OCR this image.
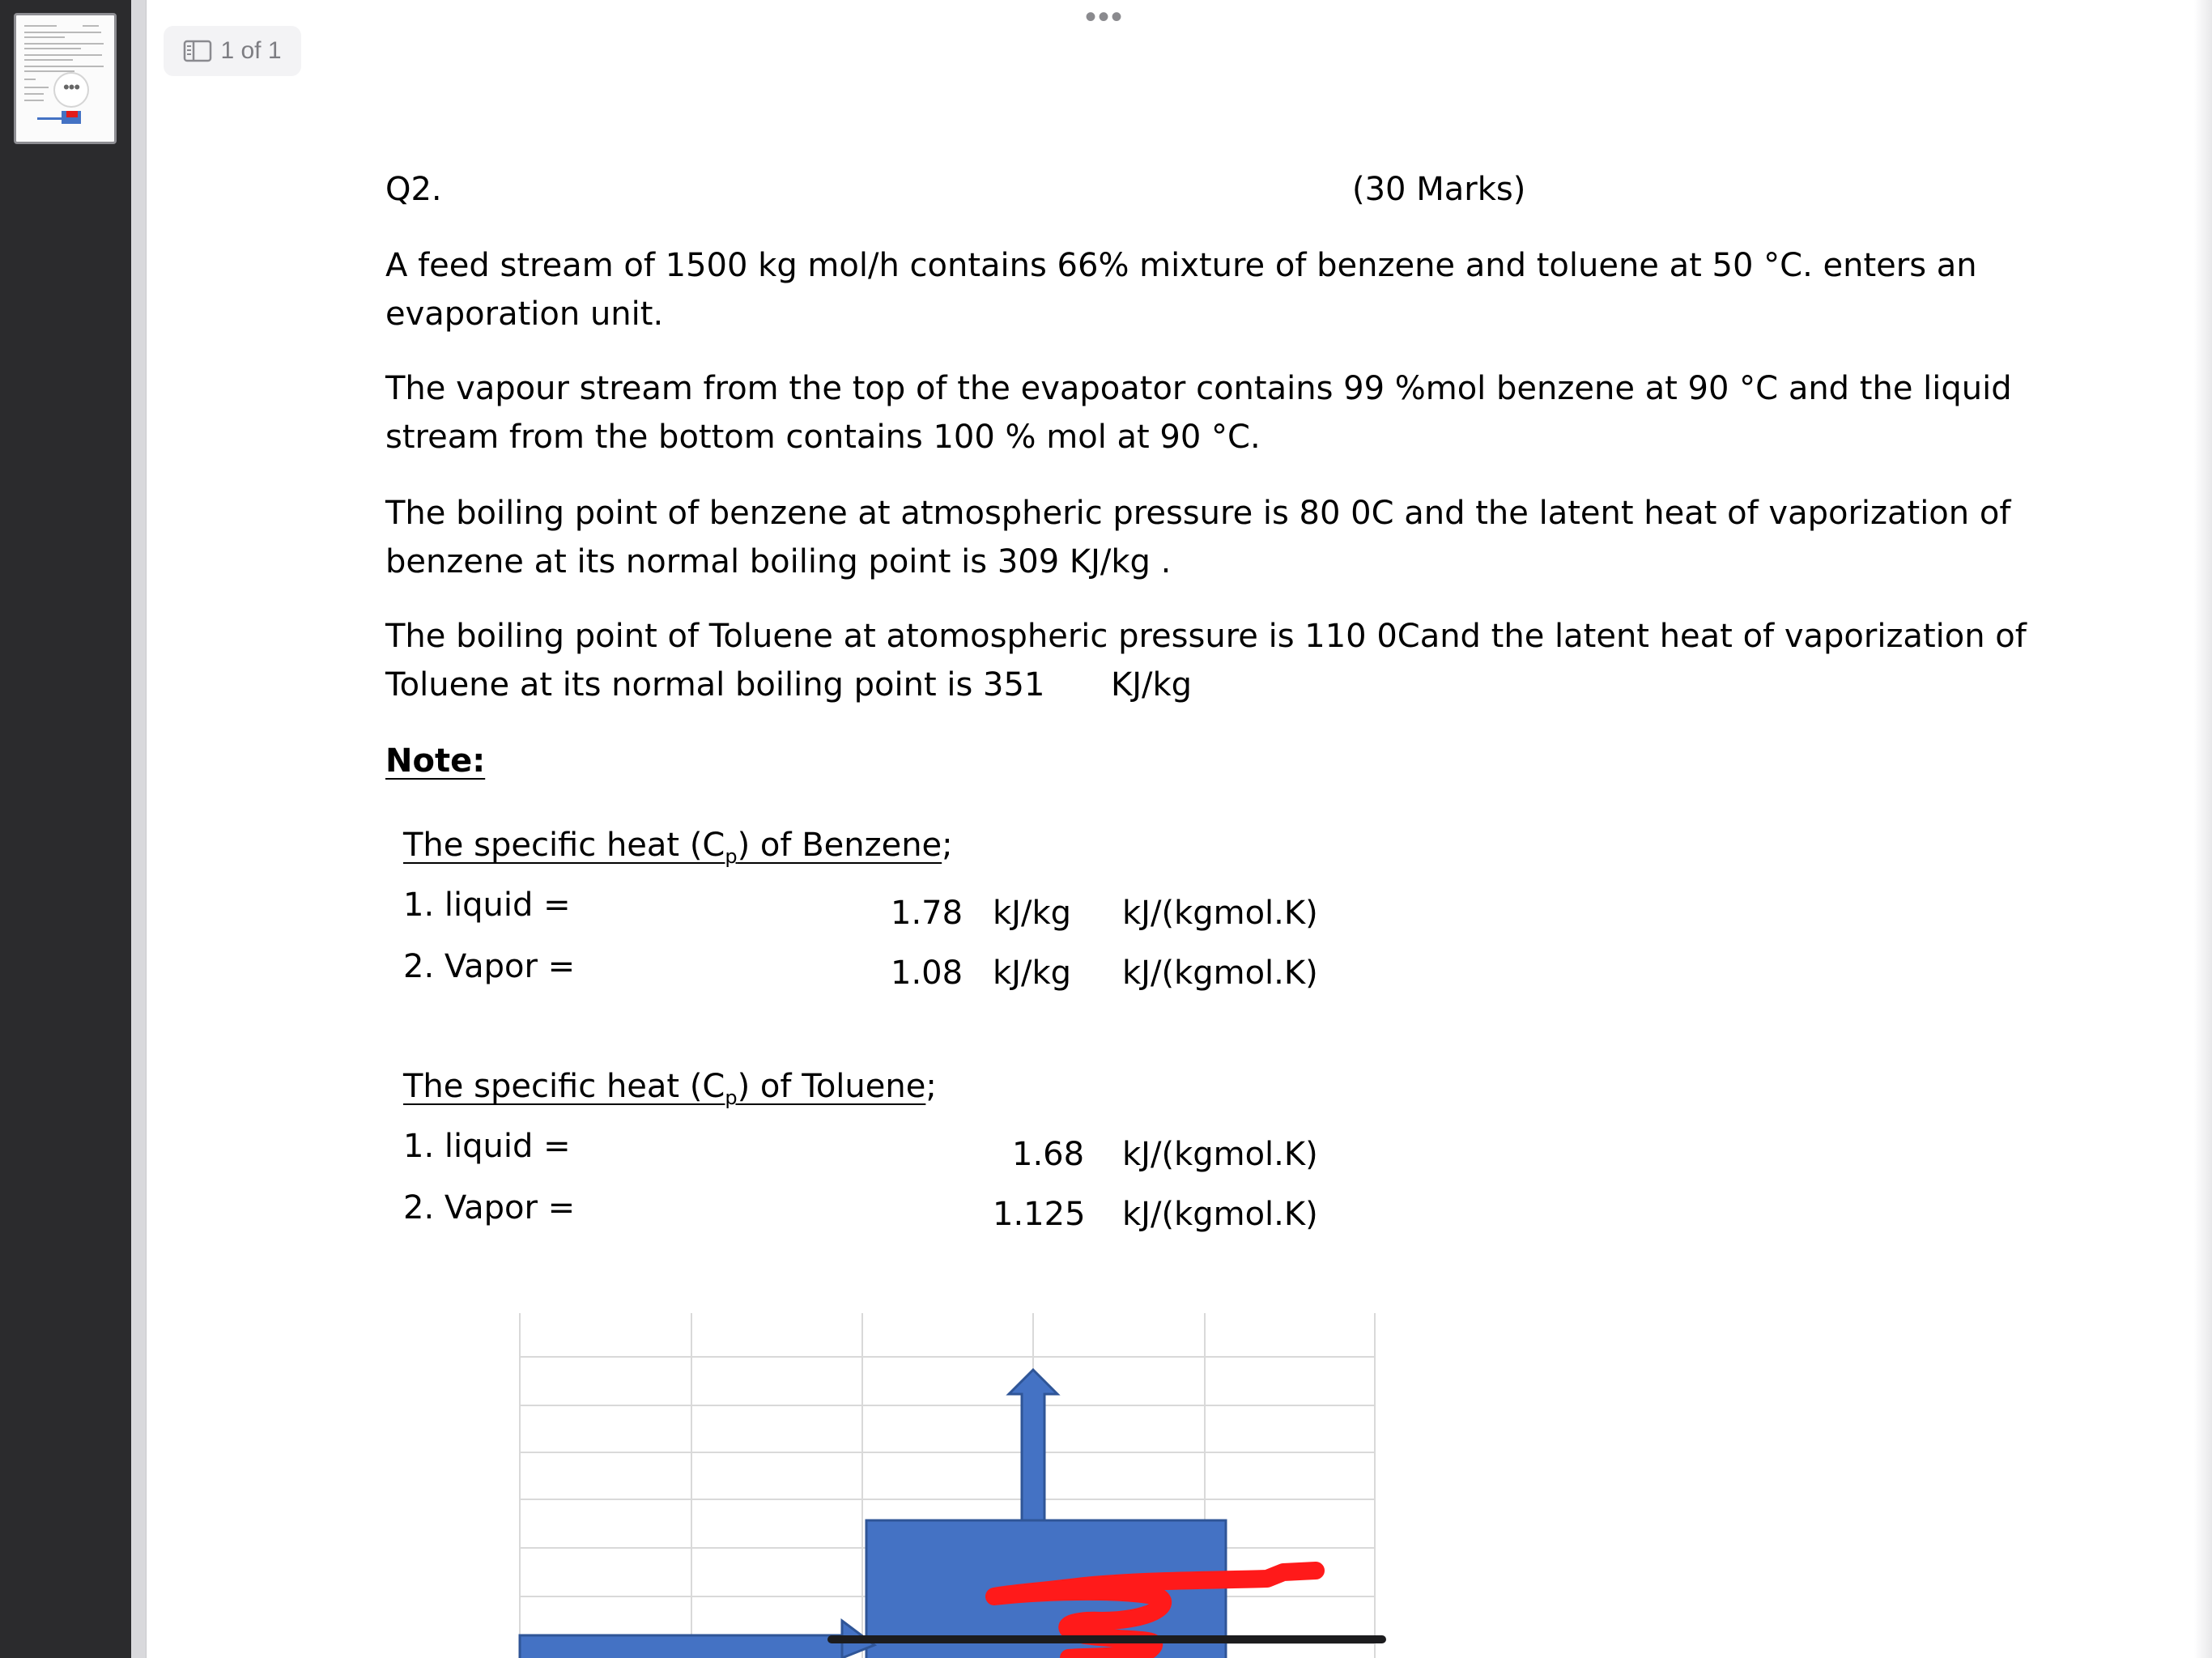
•••
•••
1 of 1
Q2.	(30 Marks)
A feed stream of 1500 kg mol/h contains 66% mixture of benzene and toluene at 50 °C. enters an
evaporation unit.
The vapour stream from the top of the evapoator contains 99 %mol benzene at 90 °C and the liquid
stream from the bottom contains 100 % mol at 90 °C.
The boiling point of benzene at atmospheric pressure is 80 0C and the latent heat of vaporization of
benzene at its normal boiling point is 309 KJ/kg .
The boiling point of Toluene at atomospheric pressure is 110 0Cand the latent heat of vaporization of
Toluene at its normal boiling point is 351 KJ/kg
Note:
The specific heat $(C_p)$ of Benzene;
1. liquid =	1.78 kJ/kg kJ/(kgmol.K)
2. Vapor =	1.08 kJ/kg kJ/(kgmol.K)
The specific heat $(C_p)$ of Toluene;
1. liquid =	1.68 kJ/(kgmol.K)
2. Vapor =	1.125 kJ/(kgmol.K)
